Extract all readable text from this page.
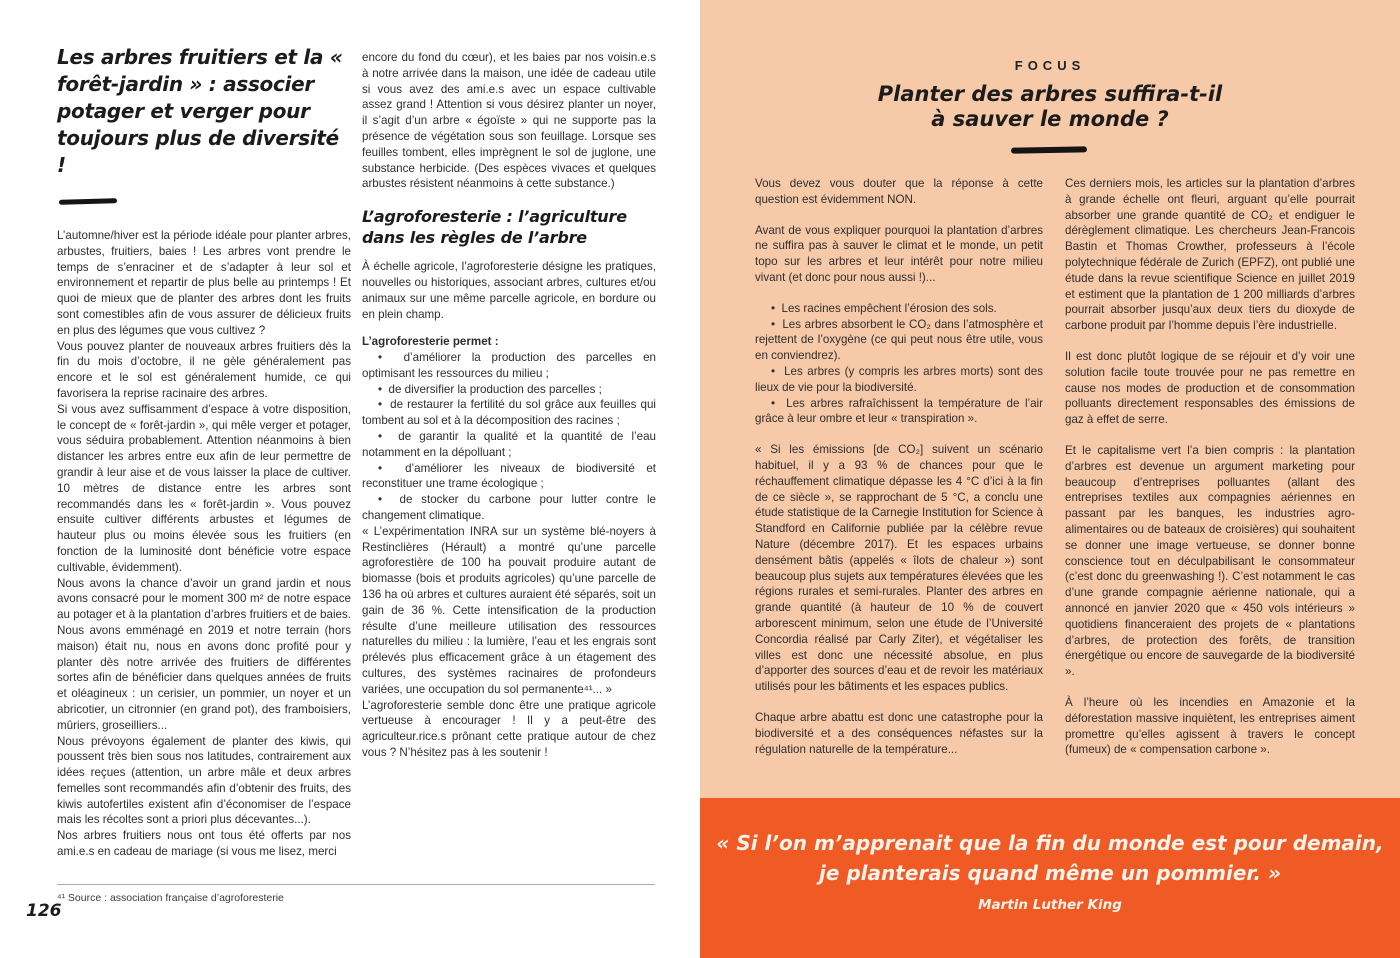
Les arbres fruitiers et la « forêt-jardin » : associer potager et verger pour toujours plus de diversité !

L’automne/hiver est la période idéale pour planter arbres, arbustes, fruitiers, baies ! Les arbres vont prendre le temps de s’enraciner et de s’adapter à leur sol et environnement et repartir de plus belle au printemps ! Et quoi de mieux que de planter des arbres dont les fruits sont comestibles afin de vous assurer de délicieux fruits en plus des légumes que vous cultivez ?

Vous pouvez planter de nouveaux arbres fruitiers dès la fin du mois d’octobre, il ne gèle généralement pas encore et le sol est généralement humide, ce qui favorisera la reprise racinaire des arbres.

Si vous avez suffisamment d’espace à votre disposition, le concept de « forêt-jardin », qui mêle verger et potager, vous séduira probablement. Attention néanmoins à bien distancer les arbres entre eux afin de leur permettre de grandir à leur aise et de vous laisser la place de cultiver. 10 mètres de distance entre les arbres sont recommandés dans les « forêt-jardin ». Vous pouvez ensuite cultiver différents arbustes et légumes de hauteur plus ou moins élevée sous les fruitiers (en fonction de la luminosité dont bénéficie votre espace cultivable, évidemment).

Nous avons la chance d’avoir un grand jardin et nous avons consacré pour le moment 300 m² de notre espace au potager et à la plantation d’arbres fruitiers et de baies. Nous avons emménagé en 2019 et notre terrain (hors maison) était nu, nous en avons donc profité pour y planter dès notre arrivée des fruitiers de différentes sortes afin de bénéficier dans quelques années de fruits et oléagineux : un cerisier, un pommier, un noyer et un abricotier, un citronnier (en grand pot), des framboisiers, mûriers, groseilliers...

Nous prévoyons également de planter des kiwis, qui poussent très bien sous nos latitudes, contrairement aux idées reçues (attention, un arbre mâle et deux arbres femelles sont recommandés afin d’obtenir des fruits, des kiwis autofertiles existent afin d’économiser de l’espace mais les récoltes sont a priori plus décevantes...).

Nos arbres fruitiers nous ont tous été offerts par nos ami.e.s en cadeau de mariage (si vous me lisez, merci

encore du fond du cœur), et les baies par nos voisin.e.s à notre arrivée dans la maison, une idée de cadeau utile si vous avez des ami.e.s avec un espace cultivable assez grand ! Attention si vous désirez planter un noyer, il s’agit d’un arbre « égoïste » qui ne supporte pas la présence de végétation sous son feuillage. Lorsque ses feuilles tombent, elles imprègnent le sol de juglone, une substance herbicide. (Des espèces vivaces et quelques arbustes résistent néanmoins à cette substance.)

L’agroforesterie : l’agriculture dans les règles de l’arbre

À échelle agricole, l’agroforesterie désigne les pratiques, nouvelles ou historiques, associant arbres, cultures et/ou animaux sur une même parcelle agricole, en bordure ou en plein champ.

L’agroforesterie permet :

•  d’améliorer la production des parcelles en optimisant les ressources du milieu ;

•  de diversifier la production des parcelles ;

•  de restaurer la fertilité du sol grâce aux feuilles qui tombent au sol et à la décomposition des racines ;

•  de garantir la qualité et la quantité de l’eau notamment en la dépolluant ;

•  d’améliorer les niveaux de biodiversité et reconstituer une trame écologique ;

•  de stocker du carbone pour lutter contre le changement climatique.

« L’expérimentation INRA sur un système blé-noyers à Restinclières (Hérault) a montré qu’une parcelle agroforestière de 100 ha pouvait produire autant de biomasse (bois et produits agricoles) qu’une parcelle de 136 ha où arbres et cultures auraient été séparés, soit un gain de 36 %. Cette intensification de la production résulte d’une meilleure utilisation des ressources naturelles du milieu : la lumière, l’eau et les engrais sont prélevés plus efficacement grâce à un étagement des cultures, des systèmes racinaires de profondeurs variées, une occupation du sol permanente⁴¹... »

L’agroforesterie semble donc être une pratique agricole vertueuse à encourager ! Il y a peut-être des agriculteur.rice.s prônant cette pratique autour de chez vous ? N’hésitez pas à les soutenir !

⁴¹ Source : association française d’agroforesterie
126
FOCUS
Planter des arbres suffira-t-il
à sauver le monde ?

Vous devez vous douter que la réponse à cette question est évidemment NON.

Avant de vous expliquer pourquoi la plantation d’arbres ne suffira pas à sauver le climat et le monde, un petit topo sur les arbres et leur intérêt pour notre milieu vivant (et donc pour nous aussi !)...

•  Les racines empêchent l’érosion des sols.

•  Les arbres absorbent le CO₂ dans l’atmosphère et rejettent de l’oxygène (ce qui peut nous être utile, vous en conviendrez).

•  Les arbres (y compris les arbres morts) sont des lieux de vie pour la biodiversité.

•  Les arbres rafraîchissent la température de l’air grâce à leur ombre et leur « transpiration ».

« Si les émissions [de CO₂] suivent un scénario habituel, il y a 93 % de chances pour que le réchauffement climatique dépasse les 4 °C d’ici à la fin de ce siècle », se rapprochant de 5 °C, a conclu une étude statistique de la Carnegie Institution for Science à Standford en Californie publiée par la célèbre revue Nature (décembre 2017). Et les espaces urbains densément bâtis (appelés « îlots de chaleur ») sont beaucoup plus sujets aux températures élevées que les régions rurales et semi-rurales. Planter des arbres en grande quantité (à hauteur de 10 % de couvert arborescent minimum, selon une étude de l’Université Concordia réalisé par Carly Ziter), et végétaliser les villes est donc une nécessité absolue, en plus d’apporter des sources d’eau et de revoir les matériaux utilisés pour les bâtiments et les espaces publics.

Chaque arbre abattu est donc une catastrophe pour la biodiversité et a des conséquences néfastes sur la régulation naturelle de la température...

Ces derniers mois, les articles sur la plantation d’arbres à grande échelle ont fleuri, arguant qu’elle pourrait absorber une grande quantité de CO₂ et endiguer le dérèglement climatique. Les chercheurs Jean-Francois Bastin et Thomas Crowther, professeurs à l’école polytechnique fédérale de Zurich (EPFZ), ont publié une étude dans la revue scientifique Science en juillet 2019 et estiment que la plantation de 1 200 milliards d’arbres pourrait absorber jusqu’aux deux tiers du dioxyde de carbone produit par l’homme depuis l’ère industrielle.

Il est donc plutôt logique de se réjouir et d’y voir une solution facile toute trouvée pour ne pas remettre en cause nos modes de production et de consommation polluants directement responsables des émissions de gaz à effet de serre.

Et le capitalisme vert l’a bien compris : la plantation d’arbres est devenue un argument marketing pour beaucoup d’entreprises polluantes (allant des entreprises textiles aux compagnies aériennes en passant par les banques, les industries agro-alimentaires ou de bateaux de croisières) qui souhaitent se donner une image vertueuse, se donner bonne conscience tout en déculpabilisant le consommateur (c’est donc du greenwashing !). C’est notamment le cas d’une grande compagnie aérienne nationale, qui a annoncé en janvier 2020 que « 450 vols intérieurs » quotidiens financeraient des projets de « plantations d’arbres, de protection des forêts, de transition énergétique ou encore de sauvegarde de la biodiversité ».

À l’heure où les incendies en Amazonie et la déforestation massive inquiètent, les entreprises aiment promettre qu’elles agissent à travers le concept (fumeux) de « compensation carbone ».

« Si l’on m’apprenait que la fin du monde est pour demain,
je planterais quand même un pommier. »
Martin Luther King
